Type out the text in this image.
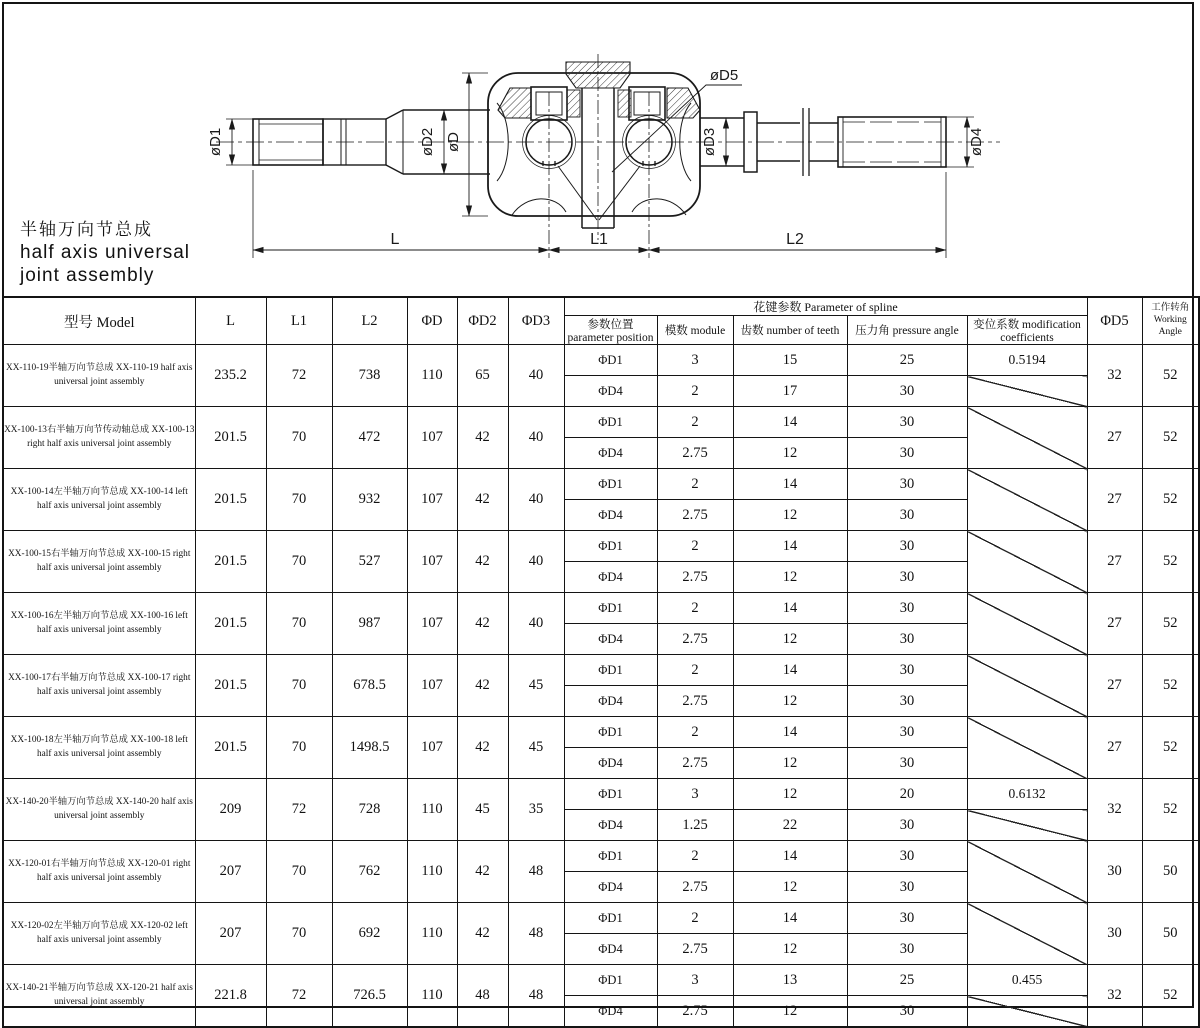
øD1	øD2 øD
øD5
øD3	øD4
L	L1	L2
半轴万向节总成
half axis universal
joint assembly
型号 Model	L	L1	L2	ΦD	ΦD2	ΦD3	花键参数 Parameter of spline					ΦD5	工作转角 Working Angle
							参数位置 parameter position	模数 module	齿数 number of teeth	压力角 pressure angle	变位系数 modification coefficients		
XX-110-19半轴万向节总成 XX-110-19 half axis universal joint assembly	235.2	72	738	110	65	40	ΦD1	3	15	25	0.5194	32	52
							ΦD4	2	17	30			
XX-100-13右半轴万向节传动轴总成 XX-100-13 right half axis universal joint assembly	201.5	70	472	107	42	40	ΦD1	2	14	30		27	52
							ΦD4	2.75	12	30			
XX-100-14左半轴万向节总成 XX-100-14 left half axis universal joint assembly	201.5	70	932	107	42	40	ΦD1	2	14	30		27	52
							ΦD4	2.75	12	30			
XX-100-15右半轴万向节总成 XX-100-15 right half axis universal joint assembly	201.5	70	527	107	42	40	ΦD1	2	14	30		27	52
							ΦD4	2.75	12	30			
XX-100-16左半轴万向节总成 XX-100-16 left half axis universal joint assembly	201.5	70	987	107	42	40	ΦD1	2	14	30		27	52
							ΦD4	2.75	12	30			
XX-100-17右半轴万向节总成 XX-100-17 right half axis universal joint assembly	201.5	70	678.5	107	42	45	ΦD1	2	14	30		27	52
							ΦD4	2.75	12	30			
XX-100-18左半轴万向节总成 XX-100-18 left half axis universal joint assembly	201.5	70	1498.5	107	42	45	ΦD1	2	14	30		27	52
							ΦD4	2.75	12	30			
XX-140-20半轴万向节总成 XX-140-20 half axis universal joint assembly	209	72	728	110	45	35	ΦD1	3	12	20	0.6132	32	52
							ΦD4	1.25	22	30			
XX-120-01右半轴万向节总成 XX-120-01 right half axis universal joint assembly	207	70	762	110	42	48	ΦD1	2	14	30		30	50
							ΦD4	2.75	12	30			
XX-120-02左半轴万向节总成 XX-120-02 left half axis universal joint assembly	207	70	692	110	42	48	ΦD1	2	14	30		30	50
							ΦD4	2.75	12	30			
XX-140-21半轴万向节总成 XX-120-21 half axis universal joint assembly	221.8	72	726.5	110	48	48	ΦD1	3	13	25	0.455	32	52
							ΦD4	2.75	12	30			
